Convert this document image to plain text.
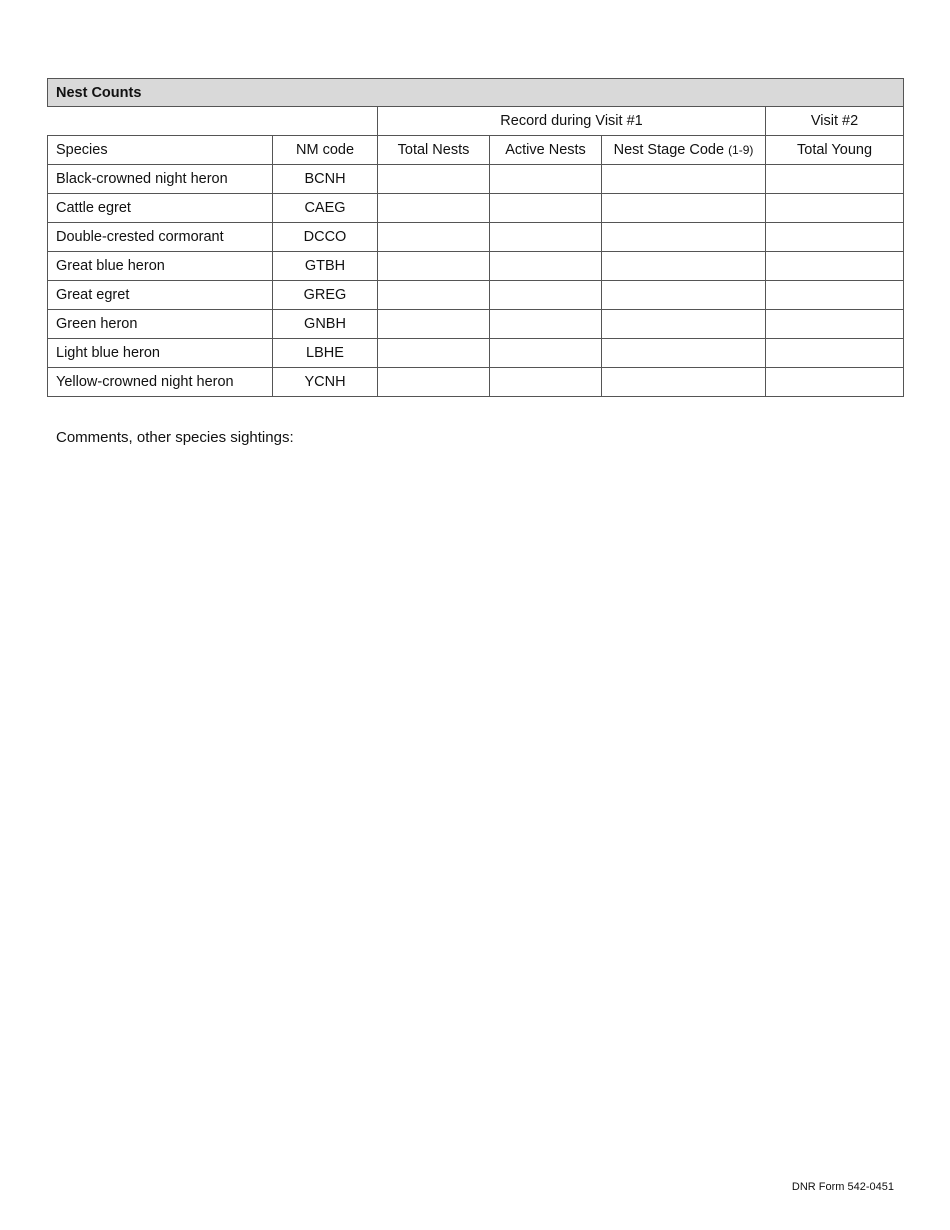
Nest Counts					
		Record during Visit #1			Visit #2
Species	NM code	Total Nests	Active Nests	Nest Stage Code (1-9)	Total Young
Black-crowned night heron	BCNH				
Cattle egret	CAEG				
Double-crested cormorant	DCCO				
Great blue heron	GTBH				
Great egret	GREG				
Green heron	GNBH				
Light blue heron	LBHE				
Yellow-crowned night heron	YCNH				
Comments, other species sightings:
DNR Form 542-0451
